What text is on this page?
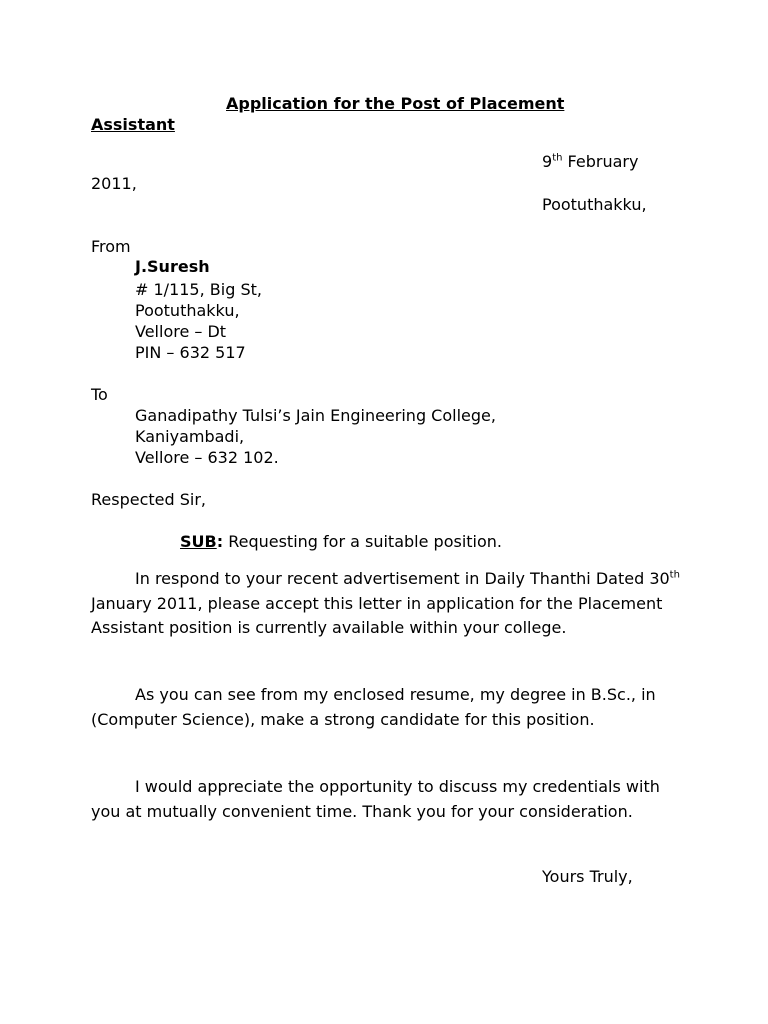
Application for the Post of Placement
Assistant
9th February
2011,
Pootuthakku,
From
J.Suresh
# 1/115, Big St,
Pootuthakku,
Vellore – Dt
PIN – 632 517
To
Ganadipathy Tulsi’s Jain Engineering College,
Kaniyambadi,
Vellore – 632 102.
Respected Sir,
SUB: Requesting for a suitable position.
In respond to your recent advertisement in Daily Thanthi Dated 30th January 2011, please accept this letter in application for the Placement Assistant position is currently available within your college.
As you can see from my enclosed resume, my degree in B.Sc., in (Computer Science), make a strong candidate for this position.
I would appreciate the opportunity to discuss my credentials with you at mutually convenient time. Thank you for your consideration.
Yours Truly,
